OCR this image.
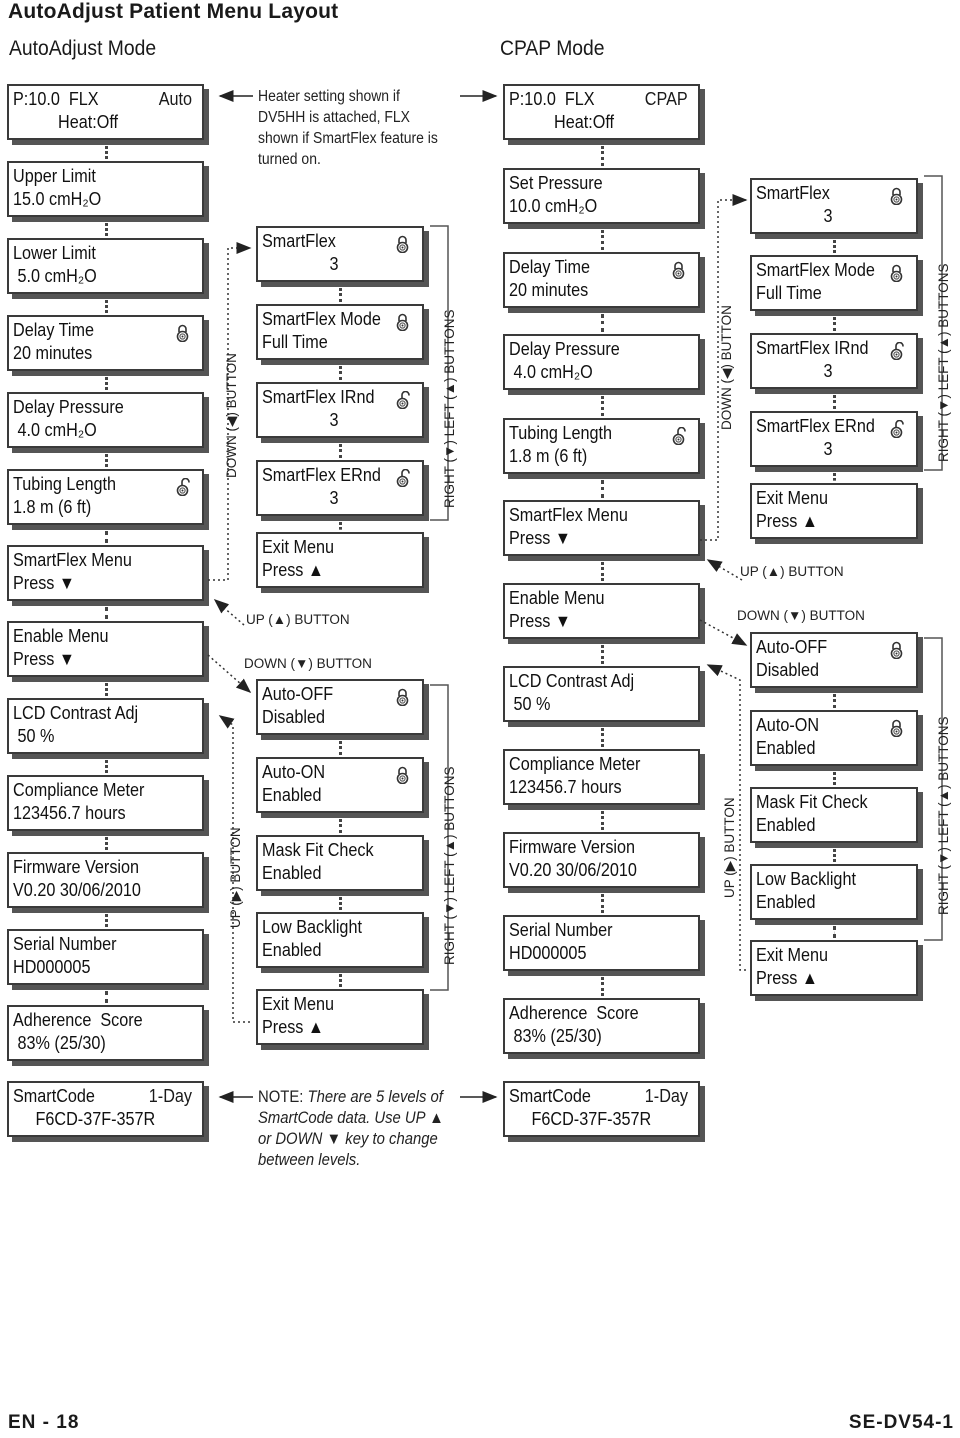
AutoAdjust Patient Menu Layout
AutoAdjust Mode	CPAP Mode
P:10.0  FLX
Heat:Off
Auto
Upper Limit
15.0 cmH₂O
Lower Limit
5.0 cmH₂O
Delay Time
20 minutes
Delay Pressure
4.0 cmH₂O
Tubing Length
1.8 m (6 ft)
SmartFlex Menu
Press ▼
Enable Menu
Press ▼
LCD Contrast Adj
50 %
Compliance Meter
123456.7 hours
Firmware Version
V0.20 30/06/2010
Serial Number
HD000005
Adherence  Score
83% (25/30)
SmartCode
F6CD-37F-357R
1-Day
SmartFlex
3
SmartFlex Mode
Full Time
SmartFlex IRnd
3
SmartFlex ERnd
3
Exit Menu
Press ▲
Auto-OFF
Disabled
Auto-ON
Enabled
Mask Fit Check
Enabled
Low Backlight
Enabled
Exit Menu
Press ▲
P:10.0  FLX
Heat:Off
CPAP
Set Pressure
10.0 cmH₂O
Delay Time
20 minutes
Delay Pressure
4.0 cmH₂O
Tubing Length
1.8 m (6 ft)
SmartFlex Menu
Press ▼
Enable Menu
Press ▼
LCD Contrast Adj
50 %
Compliance Meter
123456.7 hours
Firmware Version
V0.20 30/06/2010
Serial Number
HD000005
Adherence  Score
83% (25/30)
SmartCode
F6CD-37F-357R
1-Day
SmartFlex
3
SmartFlex Mode
Full Time
SmartFlex IRnd
3
SmartFlex ERnd
3
Exit Menu
Press ▲
Auto-OFF
Disabled
Auto-ON
Enabled
Mask Fit Check
Enabled
Low Backlight
Enabled
Exit Menu
Press ▲
Heater setting shown if
DV5HH is attached, FLX
shown if SmartFlex feature is
turned on.
NOTE: There are 5 levels of
SmartCode data. Use UP ▲
or DOWN ▼ key to change
between levels.
DOWN (◀) BUTTON
UP (▶) BUTTON
RIGHT (▼) LEFT (▲) BUTTONS
RIGHT (▼) LEFT (▲) BUTTONS
DOWN (◀) BUTTON
UP (▶) BUTTON
RIGHT (▼) LEFT (▲) BUTTONS
RIGHT (▼) LEFT (▲) BUTTONS
UP (▲) BUTTON
DOWN (▼) BUTTON
UP (▲) BUTTON
DOWN (▼) BUTTON
EN - 18	SE-DV54-1
